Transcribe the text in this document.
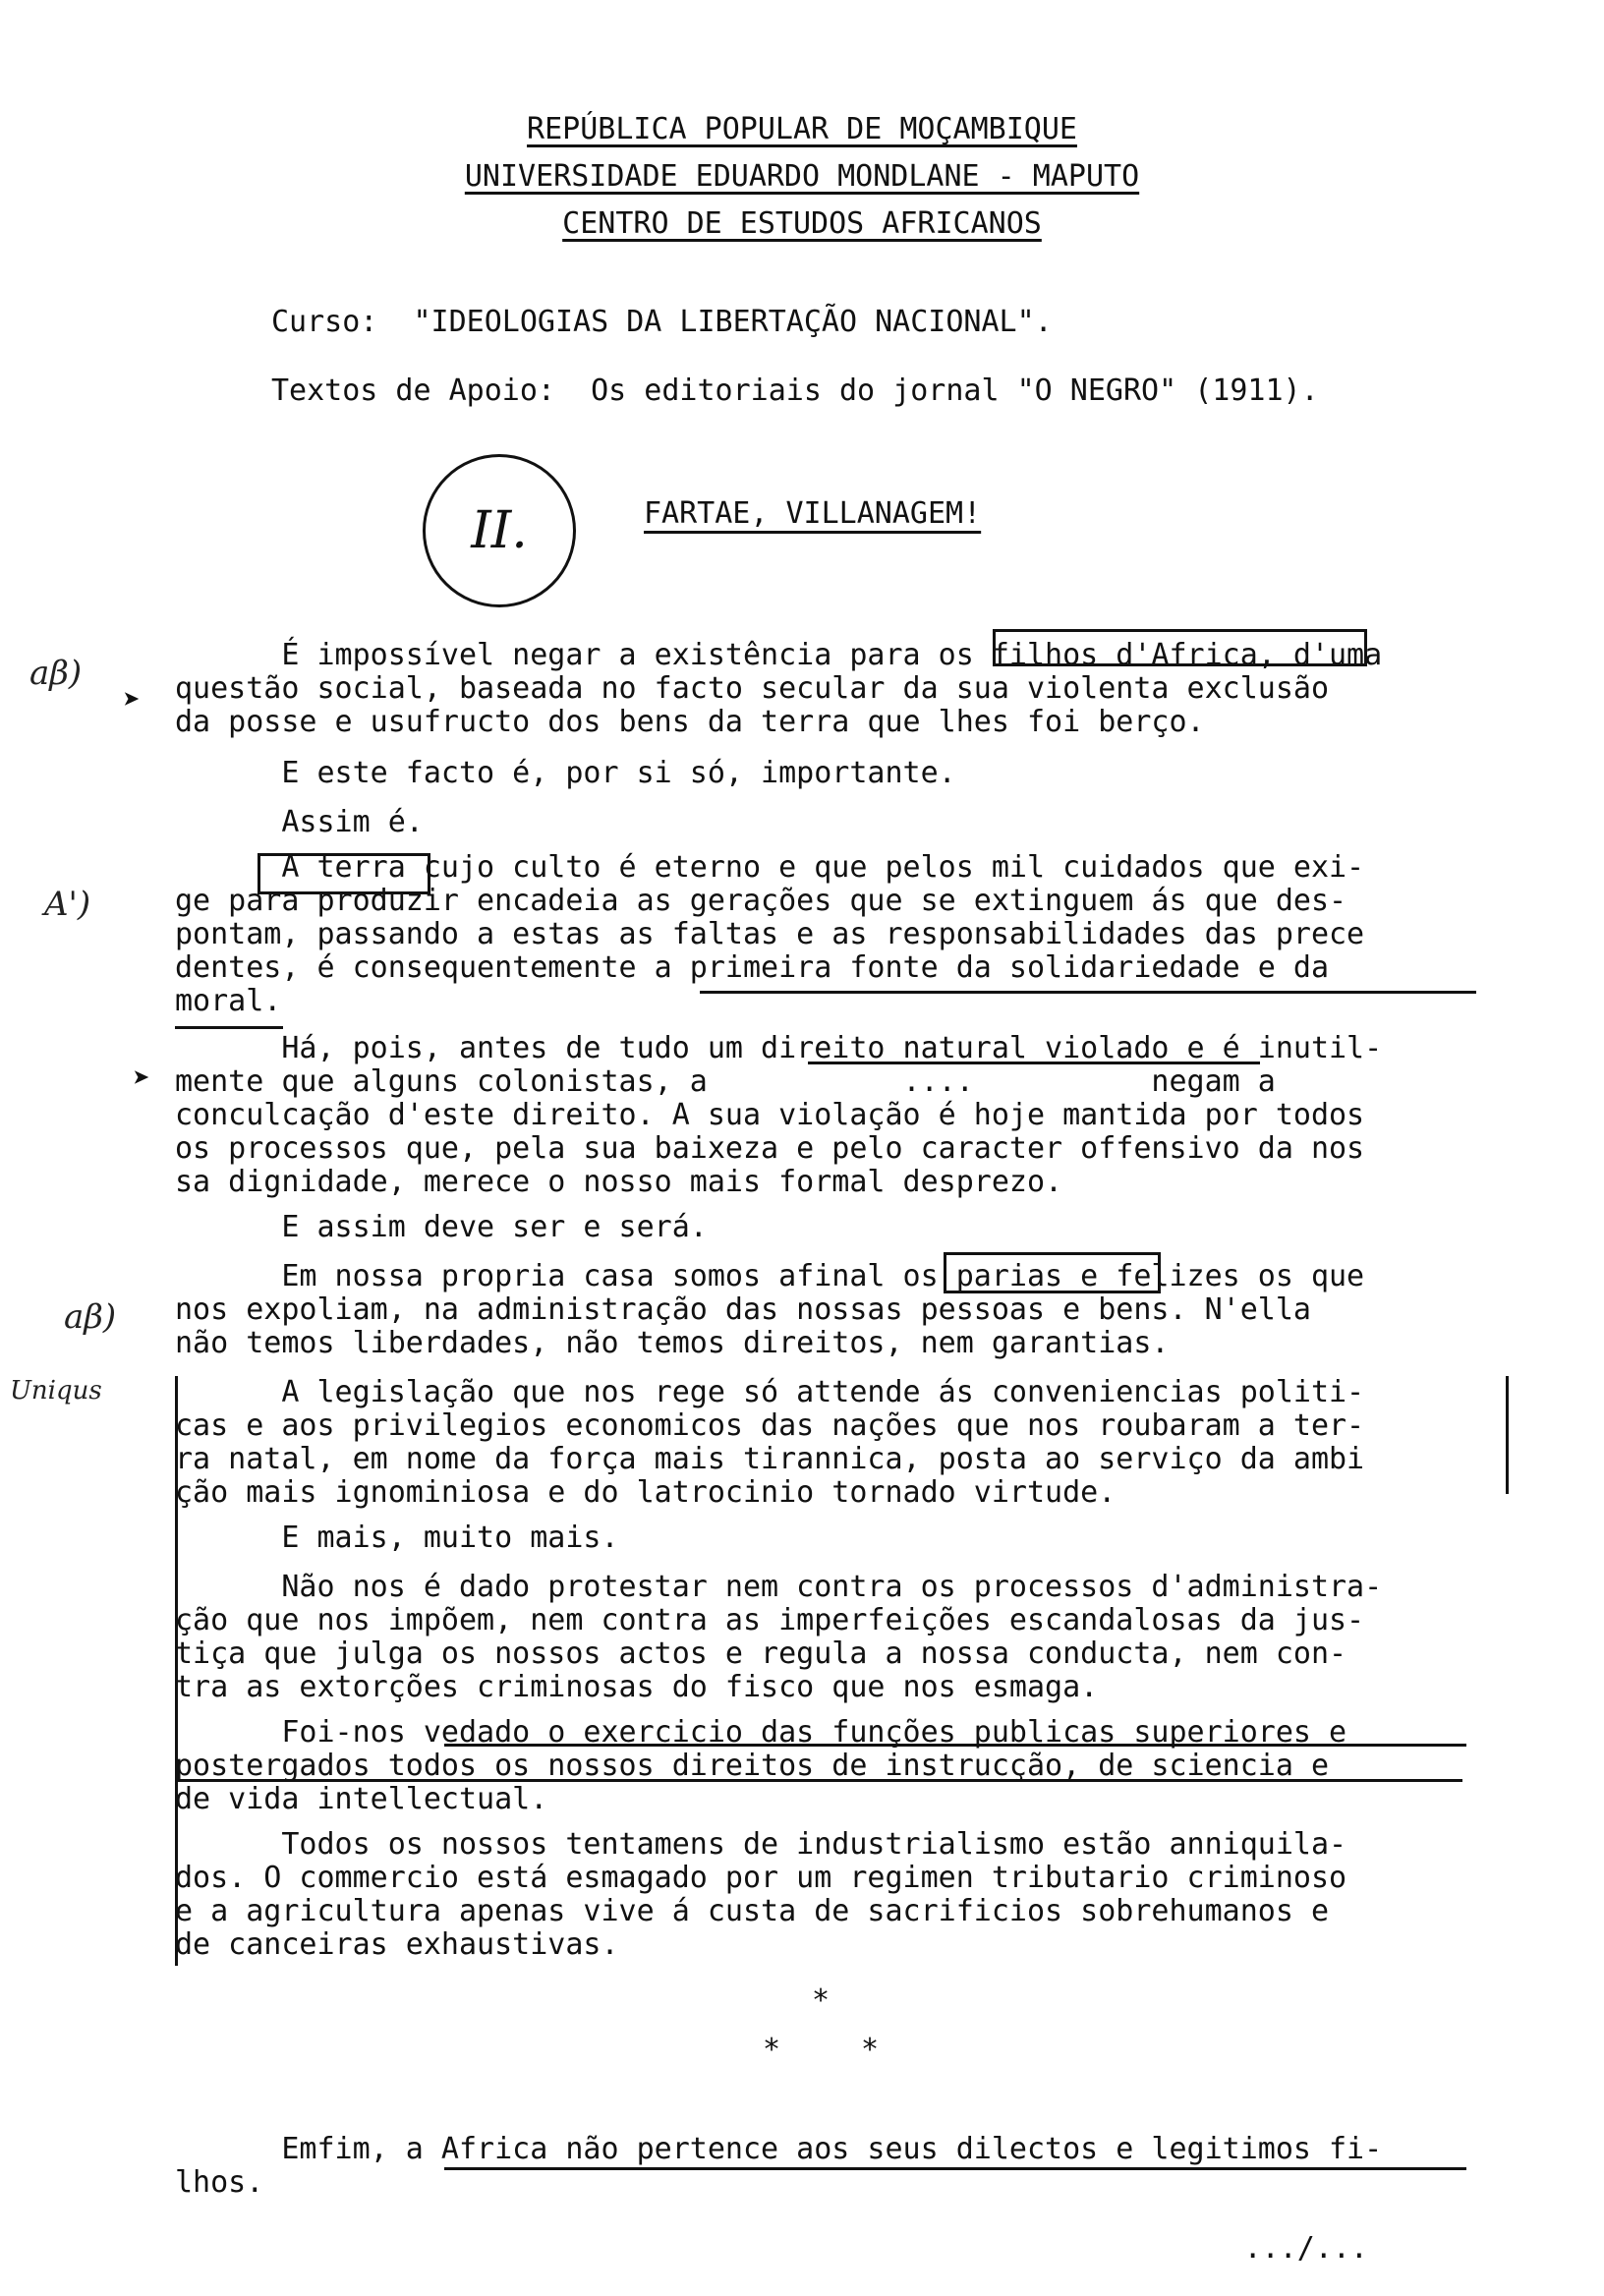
REPÚBLICA POPULAR DE MOÇAMBIQUE
UNIVERSIDADE EDUARDO MONDLANE - MAPUTO
CENTRO DE ESTUDOS AFRICANOS
Curso:  "IDEOLOGIAS DA LIBERTAÇÃO NACIONAL".
Textos de Apoio:  Os editoriais do jornal "O NEGRO" (1911).
II.	FARTAE, VILLANAGEM!
aβ)
➤
A')
aβ)
Uniqus
➤
É impossível negar a existência para os filhos d'Africa, d'uma
questão social, baseada no facto secular da sua violenta exclusão
da posse e usufructo dos bens da terra que lhes foi berço.
E este facto é, por si só, importante.
Assim é.
A terra cujo culto é eterno e que pelos mil cuidados que exi-
ge para produzir encadeia as gerações que se extinguem ás que des-
pontam, passando a estas as faltas e as responsabilidades das prece
dentes, é consequentemente a primeira fonte da solidariedade e da
moral.
Há, pois, antes de tudo um direito natural violado e é inutil-
mente que alguns colonistas, a           ....          negam a
conculcação d'este direito. A sua violação é hoje mantida por todos
os processos que, pela sua baixeza e pelo caracter offensivo da nos
sa dignidade, merece o nosso mais formal desprezo.
E assim deve ser e será.
Em nossa propria casa somos afinal os parias e felizes os que
nos expoliam, na administração das nossas pessoas e bens. N'ella
não temos liberdades, não temos direitos, nem garantias.
A legislação que nos rege só attende ás conveniencias politi-
cas e aos privilegios economicos das nações que nos roubaram a ter-
ra natal, em nome da força mais tirannica, posta ao serviço da ambi
ção mais ignominiosa e do latrocinio tornado virtude.
E mais, muito mais.
Não nos é dado protestar nem contra os processos d'administra-
ção que nos impõem, nem contra as imperfeições escandalosas da jus-
tiça que julga os nossos actos e regula a nossa conducta, nem con-
tra as extorções criminosas do fisco que nos esmaga.
Foi-nos vedado o exercicio das funções publicas superiores e
postergados todos os nossos direitos de instrucção, de sciencia e
de vida intellectual.
Todos os nossos tentamens de industrialismo estão anniquila-
dos. O commercio está esmagado por um regimen tributario criminoso
e a agricultura apenas vive á custa de sacrificios sobrehumanos e
de canceiras exhaustivas.
*
*	*
Emfim, a Africa não pertence aos seus dilectos e legitimos fi-
lhos.
.../...
